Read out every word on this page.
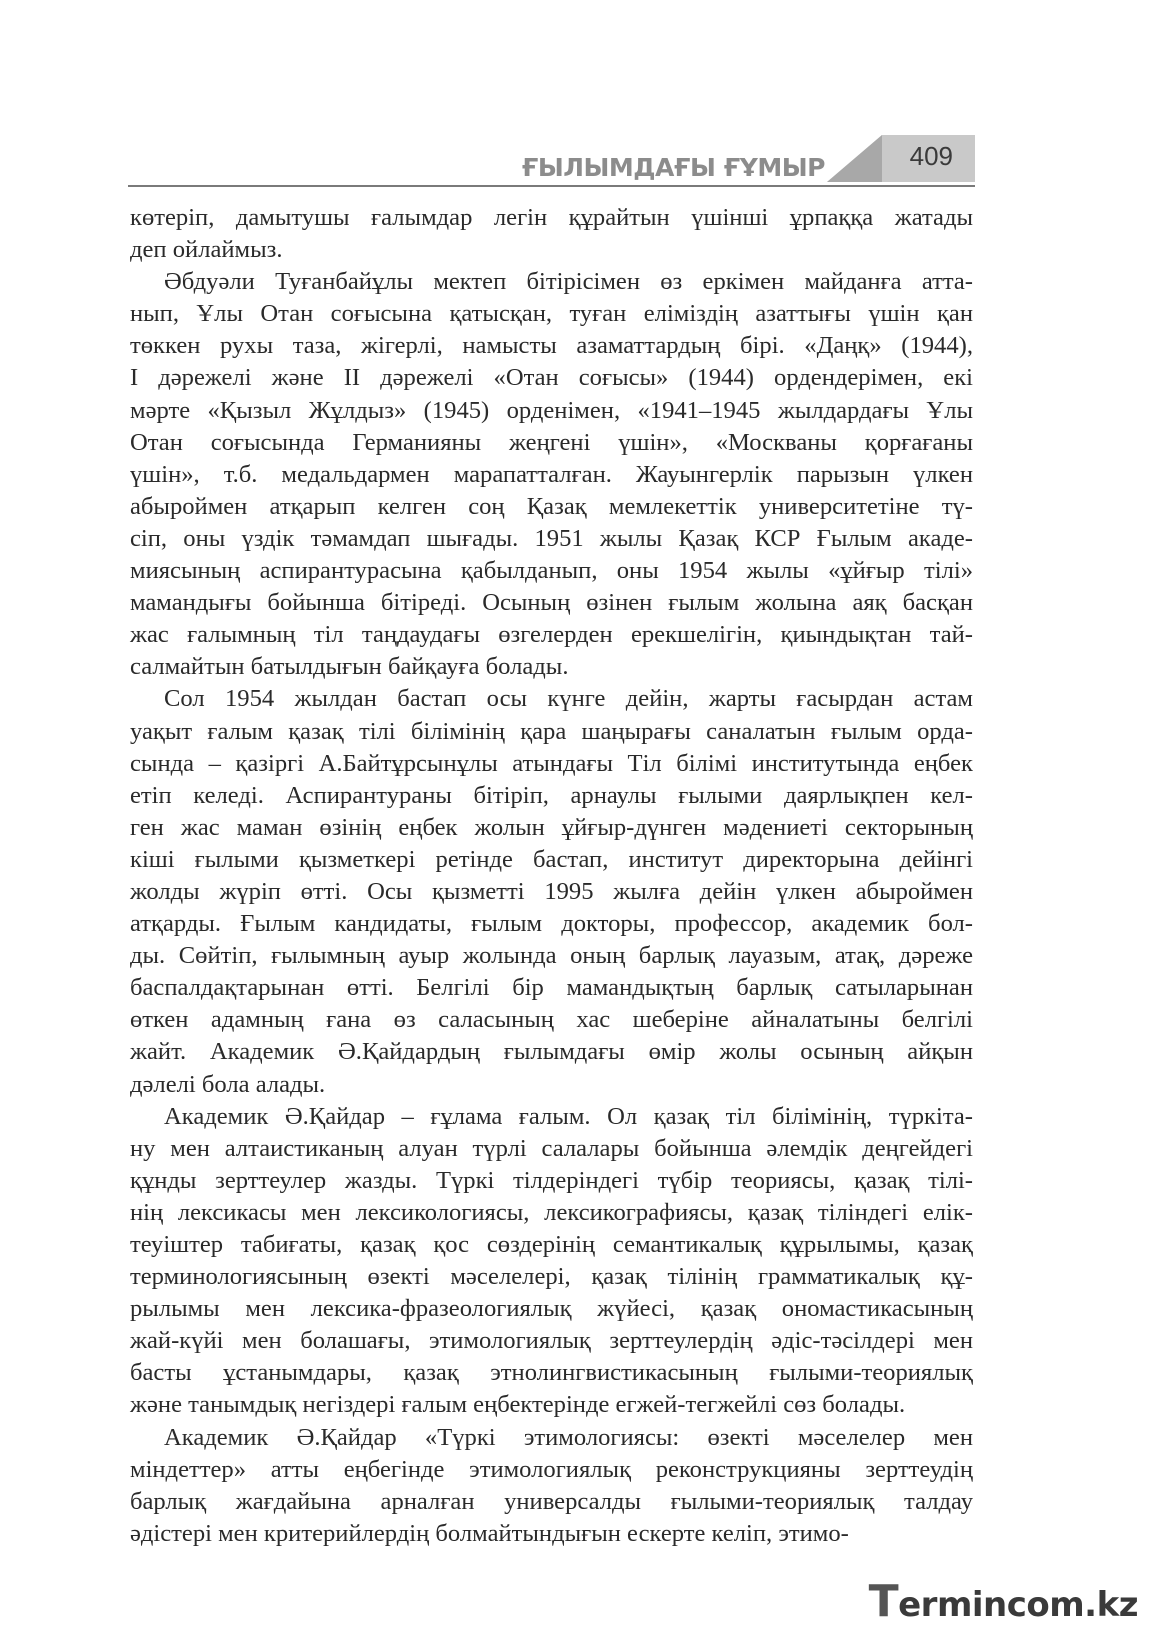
ҒЫЛЫМДАҒЫ ҒҰМЫР	409
көтеріп, дамытушы ғалымдар легін құрайтын үшінші ұрпаққа жатады
деп ойлаймыз.
Әбдуәли Туғанбайұлы мектеп бітірісімен өз еркімен майданға атта-
нып, Ұлы Отан соғысына қатысқан, туған еліміздің азаттығы үшін қан
төккен рухы таза, жігерлі, намысты азаматтардың бірі. «Даңқ» (1944),
І дәрежелі және ІІ дәрежелі «Отан соғысы» (1944) ордендерімен, екі
мәрте «Қызыл Жұлдыз» (1945) орденімен, «1941–1945 жылдардағы Ұлы
Отан соғысында Германияны жеңгені үшін», «Москваны қорғағаны
үшін», т.б. медальдармен марапатталған. Жауынгерлік парызын үлкен
абыроймен атқарып келген соң Қазақ мемлекеттік университетіне тү-
сіп, оны үздік тәмамдап шығады. 1951 жылы Қазақ КСР Ғылым акаде-
миясының аспирантурасына қабылданып, оны 1954 жылы «ұйғыр тілі»
мамандығы бойынша бітіреді. Осының өзінен ғылым жолына аяқ басқан
жас ғалымның тіл таңдаудағы өзгелерден ерекшелігін, қиындықтан тай-
салмайтын батылдығын байқауға болады.
Сол 1954 жылдан бастап осы күнге дейін, жарты ғасырдан астам
уақыт ғалым қазақ тілі білімінің қара шаңырағы саналатын ғылым орда-
сында – қазіргі А.Байтұрсынұлы атындағы Тіл білімі институтында еңбек
етіп келеді. Аспирантураны бітіріп, арнаулы ғылыми даярлықпен кел-
ген жас маман өзінің еңбек жолын ұйғыр-дүнген мәдениеті секторының
кіші ғылыми қызметкері ретінде бастап, институт директорына дейінгі
жолды жүріп өтті. Осы қызметті 1995 жылға дейін үлкен абыроймен
атқарды. Ғылым кандидаты, ғылым докторы, профессор, академик бол-
ды. Сөйтіп, ғылымның ауыр жолында оның барлық лауазым, атақ, дәреже
баспалдақтарынан өтті. Белгілі бір мамандықтың барлық сатыларынан
өткен адамның ғана өз саласының хас шеберіне айналатыны белгілі
жайт. Академик Ә.Қайдардың ғылымдағы өмір жолы осының айқын
дәлелі бола алады.
Академик Ә.Қайдар – ғұлама ғалым. Ол қазақ тіл білімінің, түркіта-
ну мен алтаистиканың алуан түрлі салалары бойынша әлемдік деңгейдегі
құнды зерттеулер жазды. Түркі тілдеріндегі түбір теориясы, қазақ тілі-
нің лексикасы мен лексикологиясы, лексикографиясы, қазақ тіліндегі елік-
теуіштер табиғаты, қазақ қос сөздерінің семантикалық құрылымы, қазақ
терминологиясының өзекті мәселелері, қазақ тілінің грамматикалық құ-
рылымы мен лексика-фразеологиялық жүйесі, қазақ ономастикасының
жай-күйі мен болашағы, этимологиялық зерттеулердің әдіс-тәсілдері мен
басты ұстанымдары, қазақ этнолингвистикасының ғылыми-теориялық
және танымдық негіздері ғалым еңбектерінде егжей-тегжейлі сөз болады.
Академик Ә.Қайдар «Түркі этимологиясы: өзекті мәселелер мен
міндеттер» атты еңбегінде этимологиялық реконструкцияны зерттеудің
барлық жағдайына арналған универсалды ғылыми-теориялық талдау
әдістері мен критерийлердің болмайтындығын ескерте келіп, этимо-
Termincom.kz
